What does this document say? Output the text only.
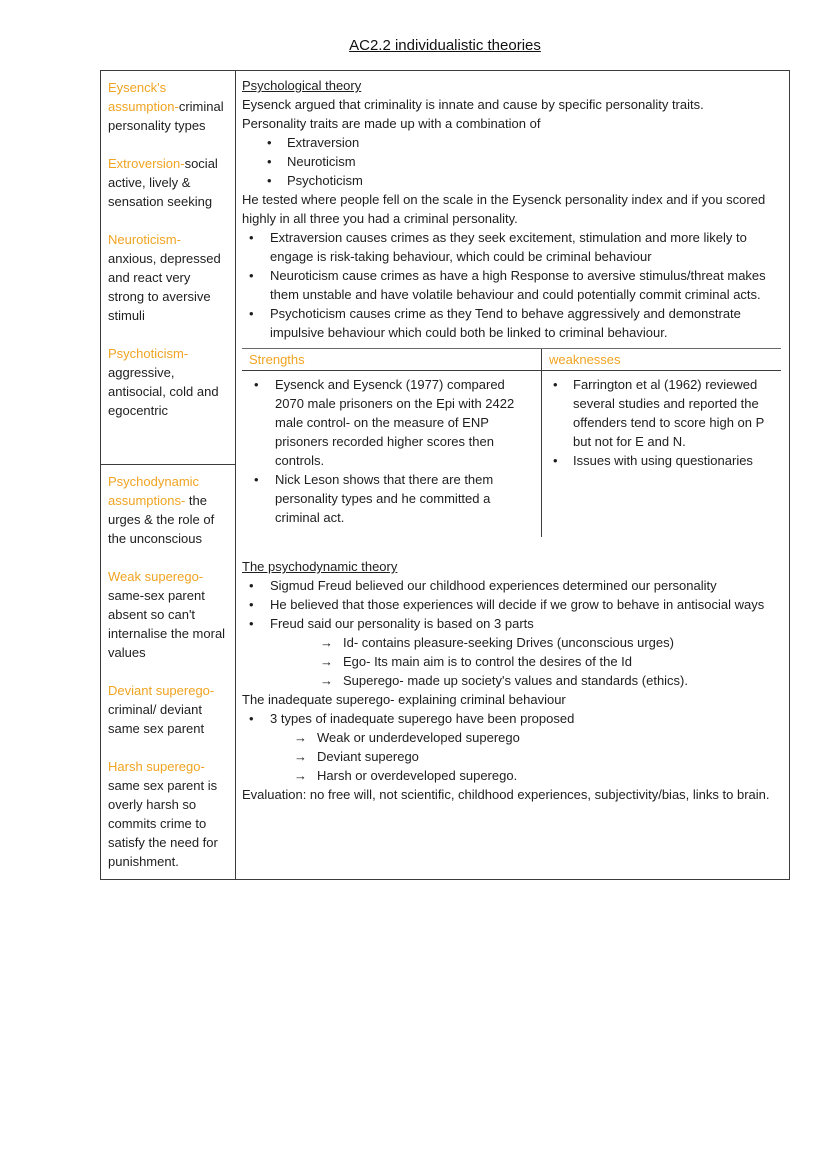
AC2.2 individualistic theories

Eysenck's assumption-criminal personality types

Extroversion-social active, lively & sensation seeking

Neuroticism-anxious, depressed and react very strong to aversive stimuli

Psychoticism-aggressive, antisocial, cold and egocentric

Psychodynamic assumptions- the urges & the role of the unconscious

Weak superego-same-sex parent absent so can't internalise the moral values

Deviant superego-criminal/ deviant same sex parent

Harsh superego-same sex parent is overly harsh so commits crime to satisfy the need for punishment.

Psychological theory

Eysenck argued that criminality is innate and cause by specific personality traits.

Personality traits are made up with a combination of

•	Extraversion
•	Neuroticism
•	Psychoticism

He tested where people fell on the scale in the Eysenck personality index and if you scored highly in all three you had a criminal personality.

•	Extraversion causes crimes as they seek excitement, stimulation and more likely to engage is risk-taking behaviour, which could be criminal behaviour
•	Neuroticism cause crimes as have a high Response to aversive stimulus/threat makes them unstable and have volatile behaviour and could potentially commit criminal acts.
•	Psychoticism causes crime as they Tend to behave aggressively and demonstrate impulsive behaviour which could both be linked to criminal behaviour.
Strengths
•	Eysenck and Eysenck (1977) compared 2070 male prisoners on the Epi with 2422 male control- on the measure of ENP prisoners recorded higher scores then controls.
•	Nick Leson shows that there are them personality types and he committed a criminal act.
weaknesses
•	Farrington et al (1962) reviewed several studies and reported the offenders tend to score high on P but not for E and N.
•	Issues with using questionaries

The psychodynamic theory

•	Sigmud Freud believed our childhood experiences determined our personality
•	He believed that those experiences will decide if we grow to behave in antisocial ways
•	Freud said our personality is based on 3 parts
→ Id- contains pleasure-seeking Drives (unconscious urges)
→ Ego- Its main aim is to control the desires of the Id
→ Superego- made up society's values and standards (ethics).

The inadequate superego- explaining criminal behaviour

•	3 types of inadequate superego have been proposed
→ Weak or underdeveloped superego
→ Deviant superego
→ Harsh or overdeveloped superego.

Evaluation: no free will, not scientific, childhood experiences, subjectivity/bias, links to brain.
